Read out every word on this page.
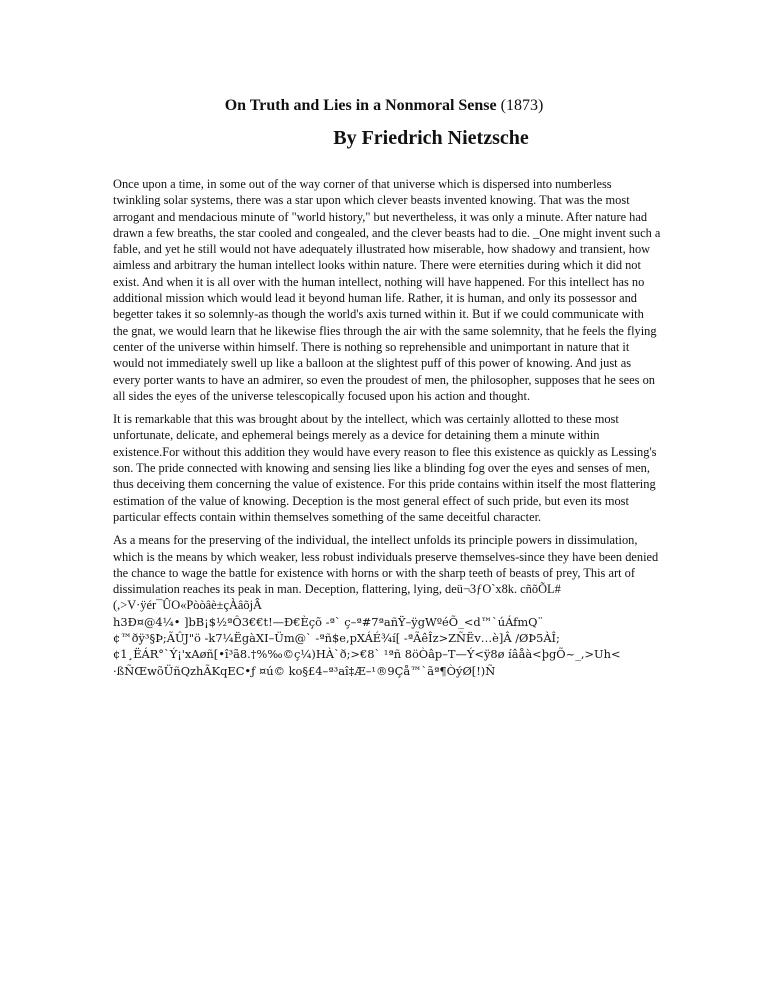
On Truth and Lies in a Nonmoral Sense (1873)
By Friedrich Nietzsche

Once upon a time, in some out of the way corner of that universe which is dispersed into numberless twinkling solar systems, there was a star upon which clever beasts invented knowing. That was the most arrogant and mendacious minute of "world history," but nevertheless, it was only a minute. After nature had drawn a few breaths, the star cooled and congealed, and the clever beasts had to die. _One might invent such a fable, and yet he still would not have adequately illustrated how miserable, how shadowy and transient, how aimless and arbitrary the human intellect looks within nature. There were eternities during which it did not exist. And when it is all over with the human intellect, nothing will have happened. For this intellect has no additional mission which would lead it beyond human life. Rather, it is human, and only its possessor and begetter takes it so solemnly-as though the world's axis turned within it. But if we could communicate with the gnat, we would learn that he likewise flies through the air with the same solemnity, that he feels the flying center of the universe within himself. There is nothing so reprehensible and unimportant in nature that it would not immediately swell up like a balloon at the slightest puff of this power of knowing. And just as every porter wants to have an admirer, so even the proudest of men, the philosopher, supposes that he sees on all sides the eyes of the universe telescopically focused upon his action and thought.

It is remarkable that this was brought about by the intellect, which was certainly allotted to these most unfortunate, delicate, and ephemeral beings merely as a device for detaining them a minute within existence.For without this addition they would have every reason to flee this existence as quickly as Lessing's son. The pride connected with knowing and sensing lies like a blinding fog over the eyes and senses of men, thus deceiving them concerning the value of existence. For this pride contains within itself the most flattering estimation of the value of knowing. Deception is the most general effect of such pride, but even its most particular effects contain within themselves something of the same deceitful character.

As a means for the preserving of the individual, the intellect unfolds its principle powers in dissimulation, which is the means by which weaker, less robust individuals preserve themselves-since they have been denied the chance to wage the battle for existence with horns or with the sharp teeth of beasts of prey, This art of dissimulation reaches its peak in man. Deception, flattering, lying, deü¬3ƒO`x8k. cñõÕL#(,>V·ÿér¯ÛO«Pòòâè±çÀâõjÂ
h3Ð¤@4¼• ]bB¡$½ªÔ3€€t!—Ð€Èçõ -ª` ç–ª#7ªañŸ–ÿgWºéÕ_<d™`úÁfmQ¨
¢™ðÿ³§Þ;ÃÛJ"ö -k7¼ËgàXI–Üm@` -ªñ$e,pXÁÉ¾í[ -ªÃêÎz>ZÑËv…è]Â /ØÞ5ÀÎ;
¢1¸ËÁR°`Ý¡'xAøñ[•î³ã8.†%‰©ç¼)HÀ`ð;>€8` ¹ªñ 8öÒâp–T—Ý<ÿ8ø íâåà<þgÕ~_,>Uh<
·ßÑŒwõÜñQzhÃKqEC•ƒ ¤ú© ko§£4–ª³aî‡Æ–¹®9Çå™`ãª¶ÒýØ[!)Ñ
